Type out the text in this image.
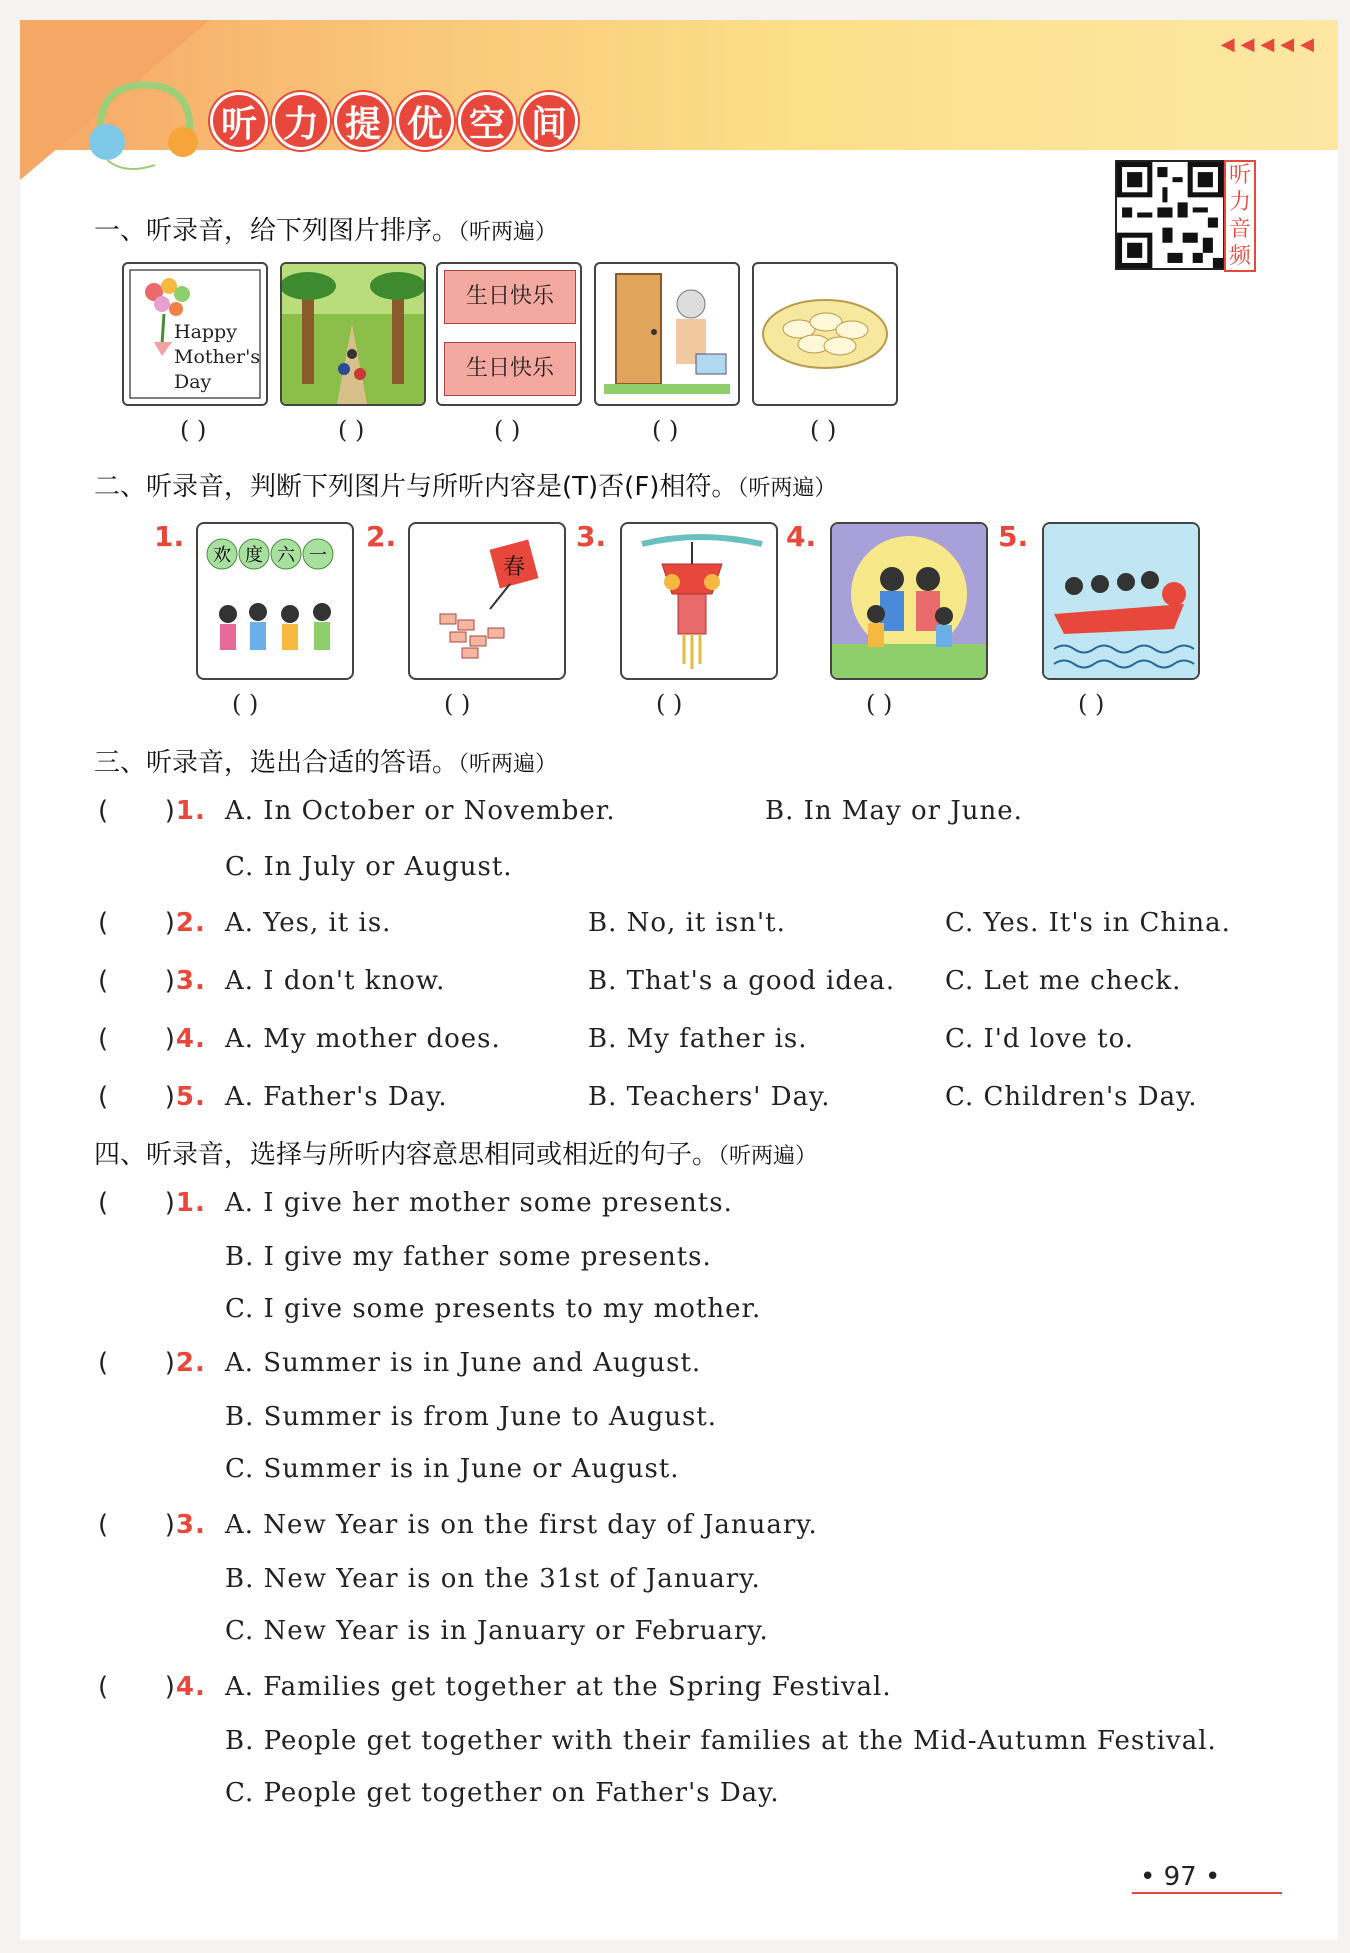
听 力 提 优 空 间
◀◀◀◀◀
听
力
音
频
一、听录音，给下列图片排序。（听两遍）
Happy
Mother's
Day
生日快乐
生日快乐
( )	( )	( )	( )	( )
二、听录音，判断下列图片与所听内容是(T)否(F)相符。（听两遍）
1.
欢 度 六 一
2.
春
3.	4.	5.
( )	( )	( )	( )	( )
三、听录音，选出合适的答语。（听两遍）
(      )1. A. In October or November.	B. In May or June.
C. In July or August.
(      )2. A. Yes, it is.	B. No, it isn't.	C. Yes. It's in China.
(      )3. A. I don't know.	B. That's a good idea. C. Let me check.
(      )4. A. My mother does.	B. My father is.	C. I'd love to.
(      )5. A. Father's Day.	B. Teachers' Day.	C. Children's Day.
四、听录音，选择与所听内容意思相同或相近的句子。（听两遍）
(      )1. A. I give her mother some presents.
B. I give my father some presents.
C. I give some presents to my mother.
(      )2. A. Summer is in June and August.
B. Summer is from June to August.
C. Summer is in June or August.
(      )3. A. New Year is on the first day of January.
B. New Year is on the 31st of January.
C. New Year is in January or February.
(      )4. A. Families get together at the Spring Festival.
B. People get together with their families at the Mid-Autumn Festival.
C. People get together on Father's Day.
• 97 •
